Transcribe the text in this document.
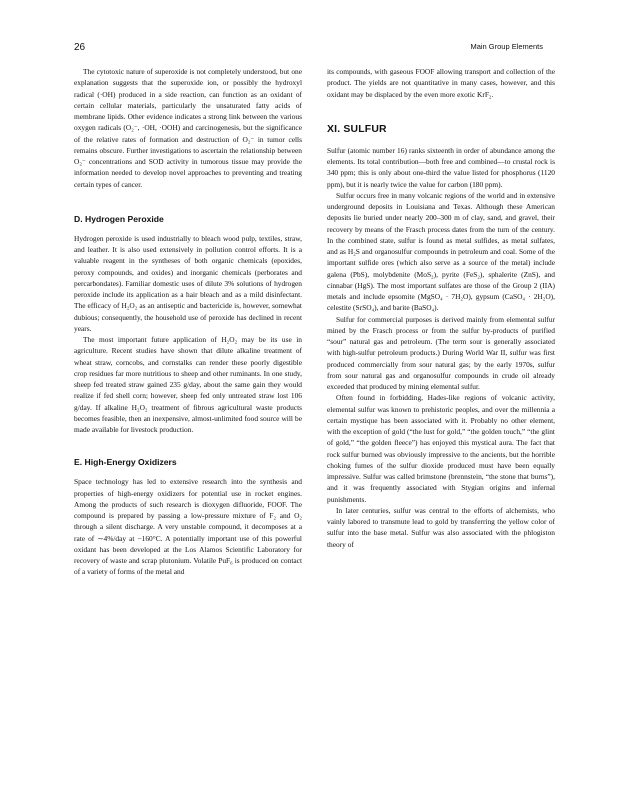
26	Main Group Elements

The cytotoxic nature of superoxide is not completely understood, but one explanation suggests that the superoxide ion, or possibly the hydroxyl radical (·OH) produced in a side reaction, can function as an oxidant of certain cellular materials, particularly the unsaturated fatty acids of membrane lipids. Other evidence indicates a strong link between the various oxygen radicals (O₂⁻, ·OH, ·OOH) and carcinogenesis, but the significance of the relative rates of formation and destruction of O₂⁻ in tumor cells remains obscure. Further investigations to ascertain the relationship between O₂⁻ concentrations and SOD activity in tumorous tissue may provide the information needed to develop novel approaches to preventing and treating certain types of cancer.

D. Hydrogen Peroxide

Hydrogen peroxide is used industrially to bleach wood pulp, textiles, straw, and leather. It is also used extensively in pollution control efforts. It is a valuable reagent in the syntheses of both organic chemicals (epoxides, peroxy compounds, and oxides) and inorganic chemicals (perborates and percarbondates). Familiar domestic uses of dilute 3% solutions of hydrogen peroxide include its application as a hair bleach and as a mild disinfectant. The efficacy of H₂O₂ as an antiseptic and bactericide is, however, somewhat dubious; consequently, the household use of peroxide has declined in recent years.

The most important future application of H₂O₂ may be its use in agriculture. Recent studies have shown that dilute alkaline treatment of wheat straw, corncobs, and cornstalks can render these poorly digestible crop residues far more nutritious to sheep and other ruminants. In one study, sheep fed treated straw gained 235 g/day, about the same gain they would realize if fed shell corn; however, sheep fed only untreated straw lost 106 g/day. If alkaline H₂O₂ treatment of fibrous agricultural waste products becomes feasible, then an inexpensive, almost-unlimited food source will be made available for livestock production.

E. High-Energy Oxidizers

Space technology has led to extensive research into the synthesis and properties of high-energy oxidizers for potential use in rocket engines. Among the products of such research is dioxygen difluoride, FOOF. The compound is prepared by passing a low-pressure mixture of F₂ and O₂ through a silent discharge. A very unstable compound, it decomposes at a rate of ∼4%/day at −160°C. A potentially important use of this powerful oxidant has been developed at the Los Alamos Scientific Laboratory for recovery of waste and scrap plutonium. Volatile PuF₆ is produced on contact of a variety of forms of the metal and

its compounds, with gaseous FOOF allowing transport and collection of the product. The yields are not quantitative in many cases, however, and this oxidant may be displaced by the even more exotic KrF₂.

XI. SULFUR

Sulfur (atomic number 16) ranks sixteenth in order of abundance among the elements. Its total contribution—both free and combined—to crustal rock is 340 ppm; this is only about one-third the value listed for phosphorus (1120 ppm), but it is nearly twice the value for carbon (180 ppm).

Sulfur occurs free in many volcanic regions of the world and in extensive underground deposits in Louisiana and Texas. Although these American deposits lie buried under nearly 200–300 m of clay, sand, and gravel, their recovery by means of the Frasch process dates from the turn of the century. In the combined state, sulfur is found as metal sulfides, as metal sulfates, and as H₂S and organosulfur compounds in petroleum and coal. Some of the important sulfide ores (which also serve as a source of the metal) include galena (PbS), molybdenite (MoS₂), pyrite (FeS₂), sphalerite (ZnS), and cinnabar (HgS). The most important sulfates are those of the Group 2 (IIA) metals and include epsomite (MgSO₄ · 7H₂O), gypsum (CaSO₄ · 2H₂O), celestite (SrSO₄), and barite (BaSO₄).

Sulfur for commercial purposes is derived mainly from elemental sulfur mined by the Frasch process or from the sulfur by-products of purified “sour” natural gas and petroleum. (The term sour is generally associated with high-sulfur petroleum products.) During World War II, sulfur was first produced commercially from sour natural gas; by the early 1970s, sulfur from sour natural gas and organosulfur compounds in crude oil already exceeded that produced by mining elemental sulfur.

Often found in forbidding, Hades-like regions of volcanic activity, elemental sulfur was known to prehistoric peoples, and over the millennia a certain mystique has been associated with it. Probably no other element, with the exception of gold (“the lust for gold,” “the golden touch,” “the glint of gold,” “the golden fleece”) has enjoyed this mystical aura. The fact that rock sulfur burned was obviously impressive to the ancients, but the horrible choking fumes of the sulfur dioxide produced must have been equally impressive. Sulfur was called brimstone (brennstein, “the stone that burns”), and it was frequently associated with Stygian origins and infernal punishments.

In later centuries, sulfur was central to the efforts of alchemists, who vainly labored to transmute lead to gold by transferring the yellow color of sulfur into the base metal. Sulfur was also associated with the phlogiston theory of
